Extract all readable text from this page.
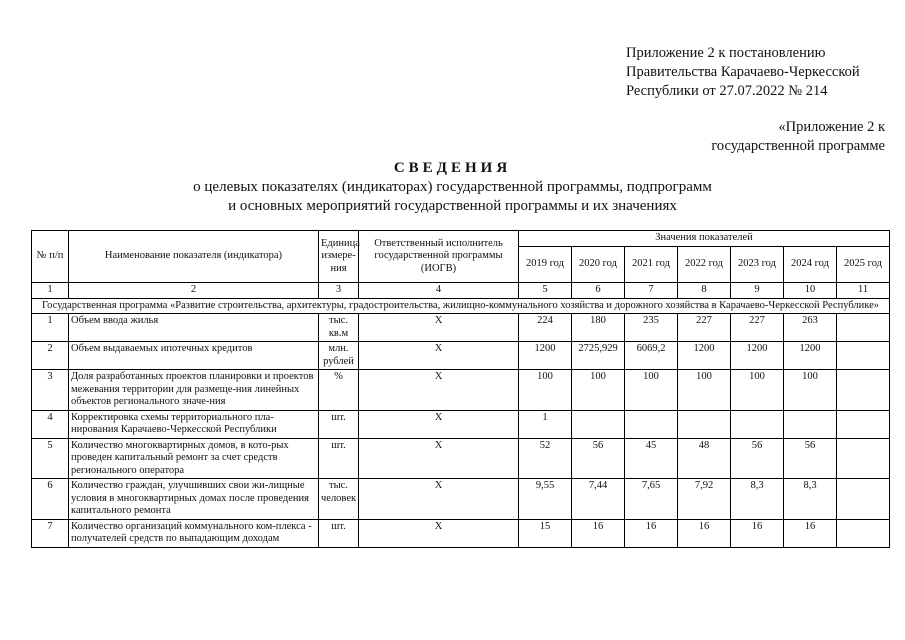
Приложение 2 к постановлению
Правительства Карачаево-Черкесской
Республики от 27.07.2022 № 214
«Приложение 2 к
государственной программе
СВЕДЕНИЯ
о целевых показателях (индикаторах) государственной программы, подпрограмм
и основных мероприятий государственной программы и их значениях
№ п/п	Наименование показателя (индикатора)	Единица измере-ния	Ответственный исполнитель государственной программы (ИОГВ)	Значения показателей						
				2019 год	2020 год	2021 год	2022 год	2023 год	2024 год	2025 год
1	2	3	4	5	6	7	8	9	10	11
Государственная программа «Развитие строительства, архитектуры, градостроительства, жилищно-коммунального хозяйства и дорожного хозяйства в Карачаево-Черкесской Республике»										
1	Объем ввода жилья	тыс. кв.м	X	224	180	235	227	227	263	
2	Объем выдаваемых ипотечных кредитов	млн. рублей	X	1200	2725,929	6069,2	1200	1200	1200	
3	Доля разработанных проектов планировки и проектов межевания территории для размеще-ния линейных объектов регионального значе-ния	%	X	100	100	100	100	100	100	
4	Корректировка схемы территориального пла-нирования Карачаево-Черкесской Республики	шт.	X	1						
5	Количество многоквартирных домов, в кото-рых проведен капитальный ремонт за счет средств регионального оператора	шт.	X	52	56	45	48	56	56	
6	Количество граждан, улучшивших свои жи-лищные условия в многоквартирных домах после проведения капитального ремонта	тыс. человек	X	9,55	7,44	7,65	7,92	8,3	8,3	
7	Количество организаций коммунального ком-плекса - получателей средств по выпадающим доходам	шт.	X	15	16	16	16	16	16	
